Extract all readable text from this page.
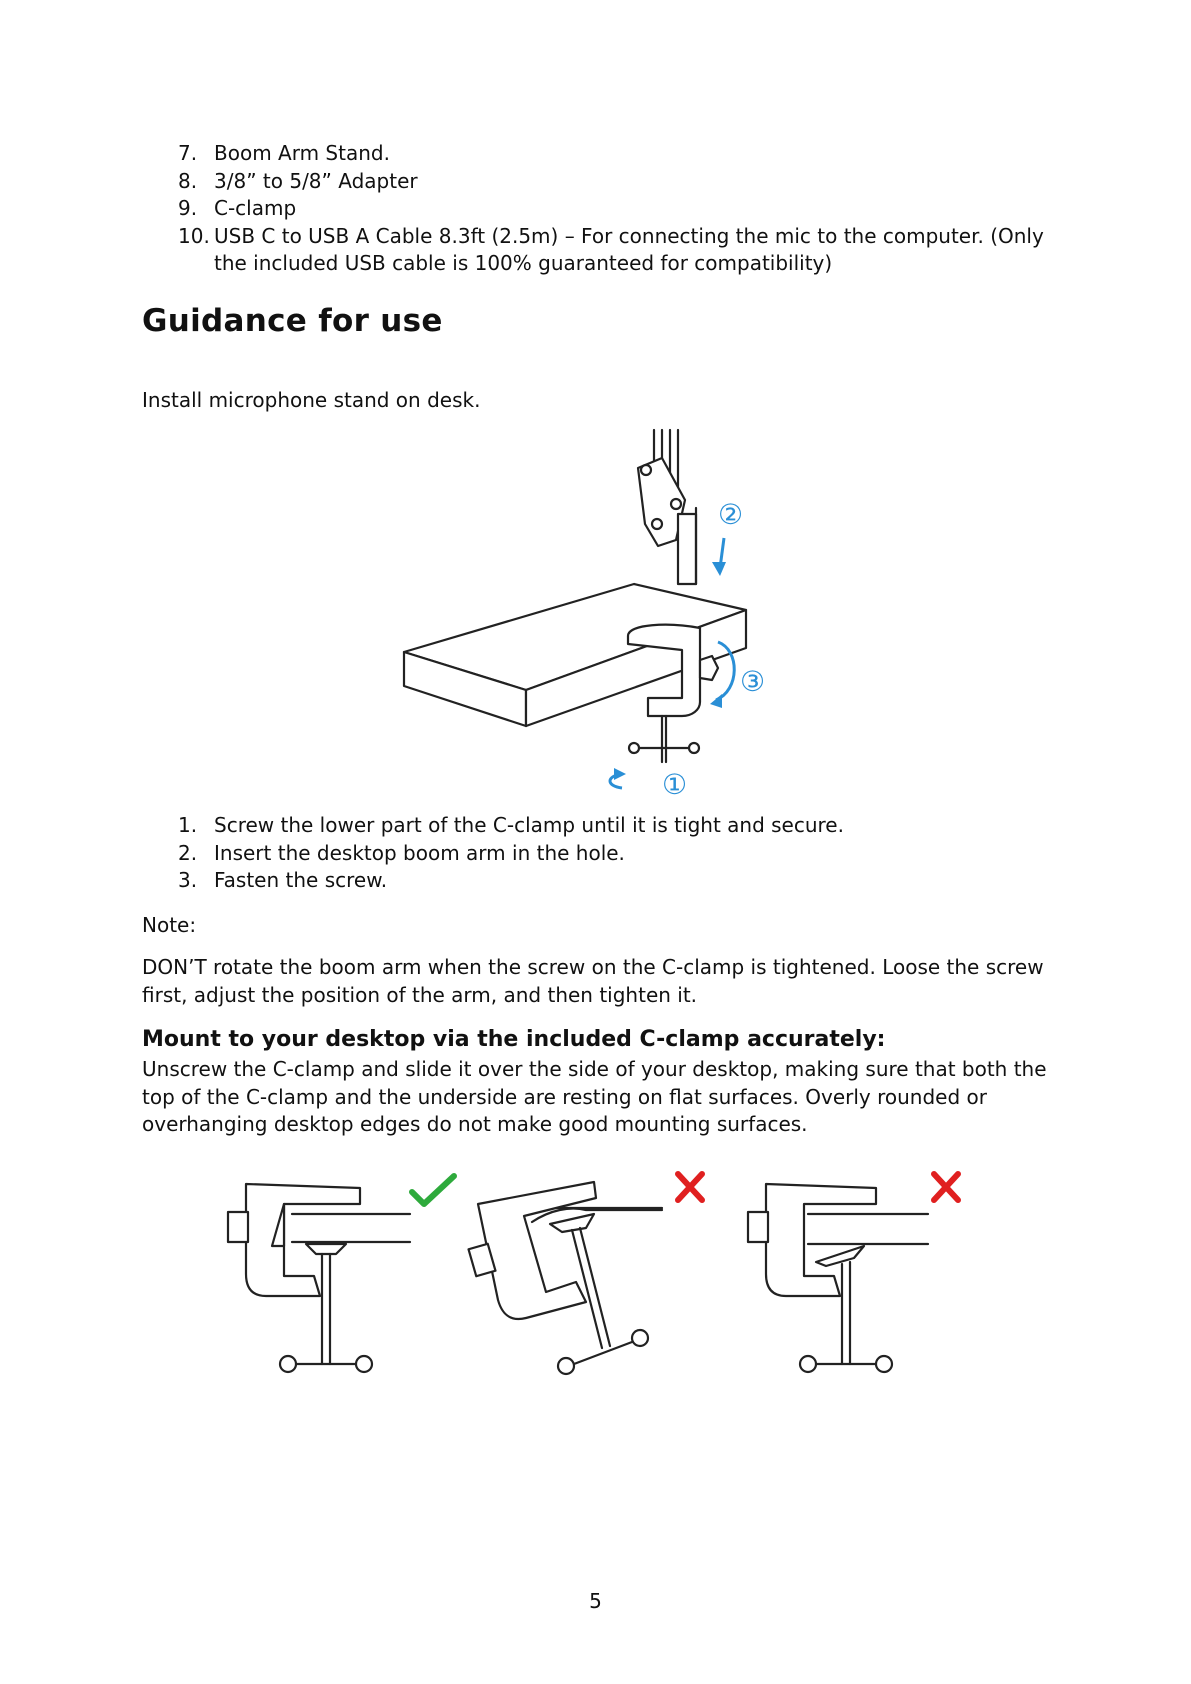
7. Boom Arm Stand.
8. 3/8” to 5/8” Adapter
9. C-clamp
10. USB C to USB A Cable 8.3ft (2.5m) – For connecting the mic to the computer. (Only the included USB cable is 100% guaranteed for compatibility)
Guidance for use

Install microphone stand on desk.

②
③
①
1. Screw the lower part of the C-clamp until it is tight and secure.
2. Insert the desktop boom arm in the hole.
3. Fasten the screw.

Note:

DON’T rotate the boom arm when the screw on the C-clamp is tightened. Loose the screw first, adjust the position of the arm, and then tighten it.

Mount to your desktop via the included C-clamp accurately:

Unscrew the C-clamp and slide it over the side of your desktop, making sure that both the top of the C-clamp and the underside are resting on flat surfaces. Overly rounded or overhanging desktop edges do not make good mounting surfaces.

5
